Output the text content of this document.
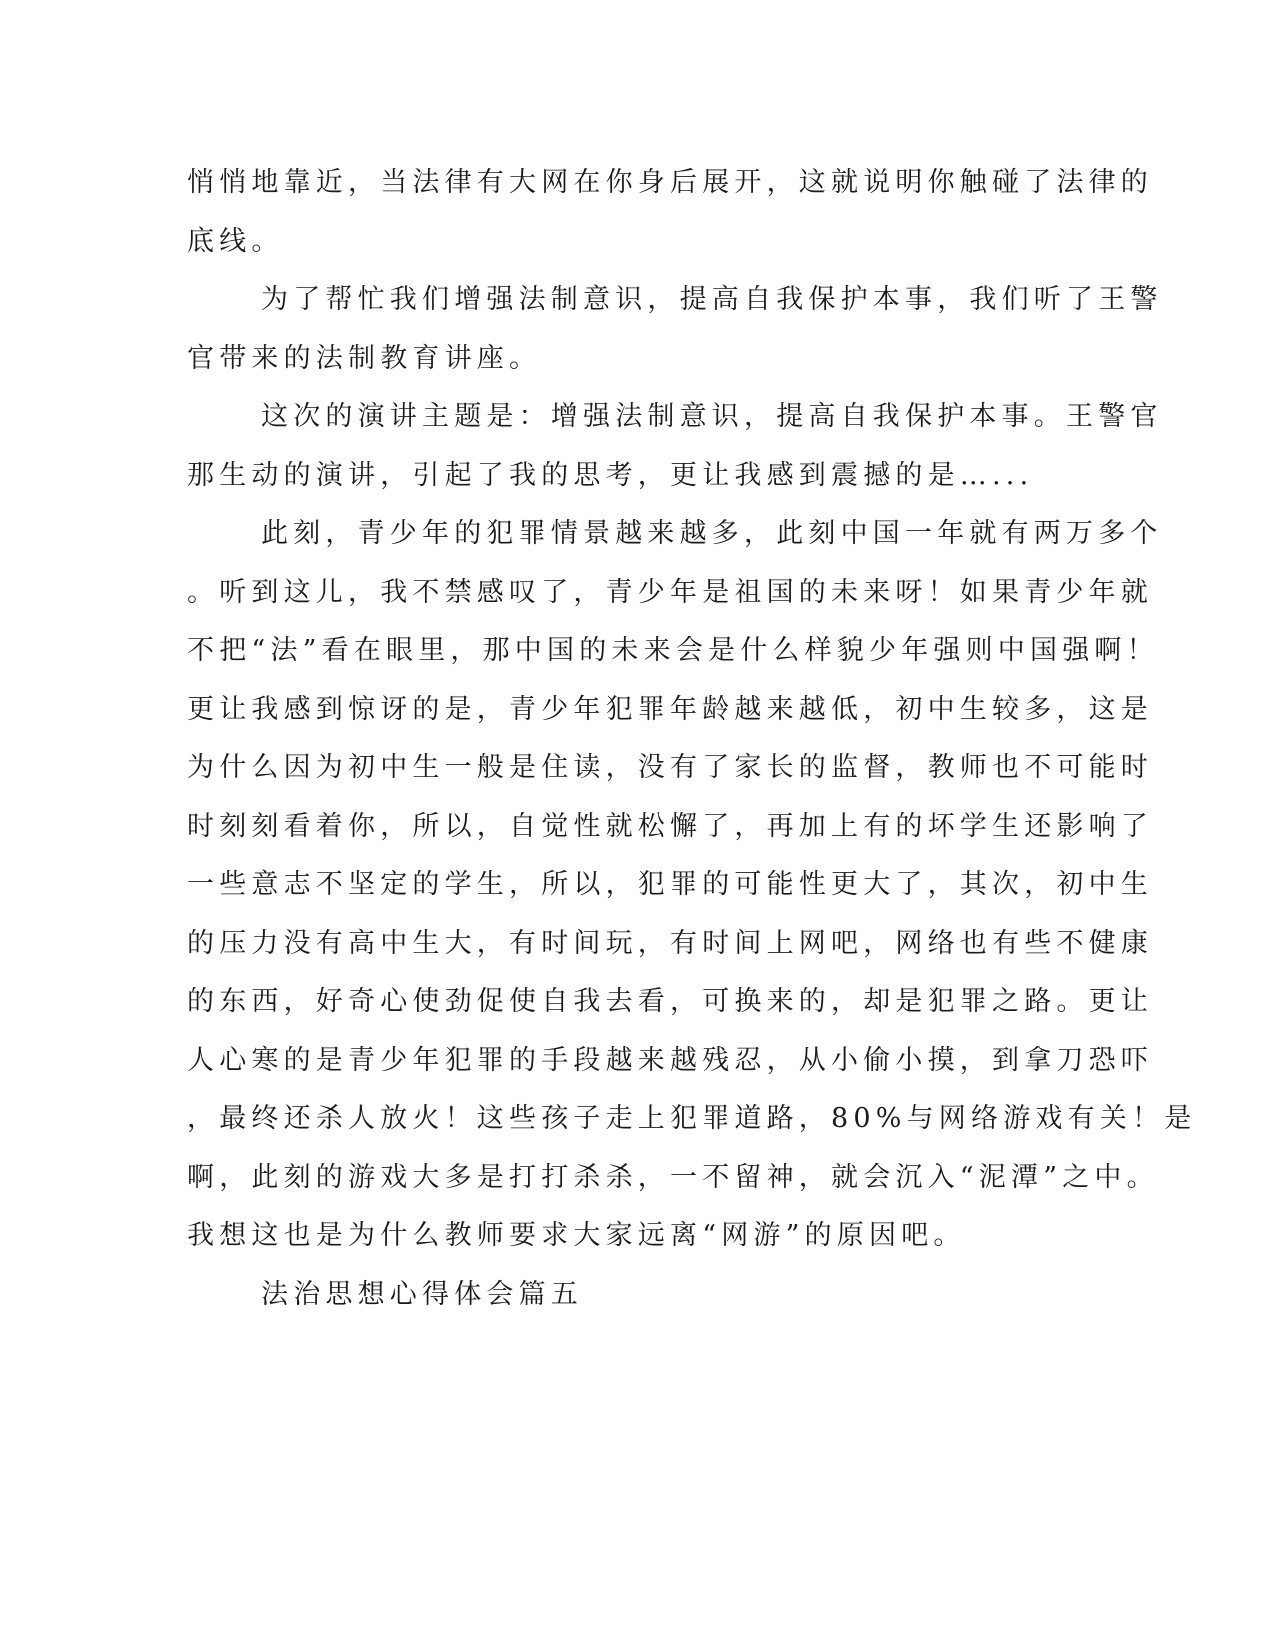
悄悄地靠近，当法律有大网在你身后展开，这就说明你触碰了法律的
底线。
为了帮忙我们增强法制意识，提高自我保护本事，我们听了王警
官带来的法制教育讲座。
这次的演讲主题是：增强法制意识，提高自我保护本事。王警官
那生动的演讲，引起了我的思考，更让我感到震撼的是…...
此刻，青少年的犯罪情景越来越多，此刻中国一年就有两万多个
。听到这儿，我不禁感叹了，青少年是祖国的未来呀！如果青少年就
不把“法”看在眼里，那中国的未来会是什么样貌少年强则中国强啊！
更让我感到惊讶的是，青少年犯罪年龄越来越低，初中生较多，这是
为什么因为初中生一般是住读，没有了家长的监督，教师也不可能时
时刻刻看着你，所以，自觉性就松懈了，再加上有的坏学生还影响了
一些意志不坚定的学生，所以，犯罪的可能性更大了，其次，初中生
的压力没有高中生大，有时间玩，有时间上网吧，网络也有些不健康
的东西，好奇心使劲促使自我去看，可换来的，却是犯罪之路。更让
人心寒的是青少年犯罪的手段越来越残忍，从小偷小摸，到拿刀恐吓
，最终还杀人放火！这些孩子走上犯罪道路，80%与网络游戏有关！是
啊，此刻的游戏大多是打打杀杀，一不留神，就会沉入“泥潭”之中。
我想这也是为什么教师要求大家远离“网游”的原因吧。
法治思想心得体会篇五
